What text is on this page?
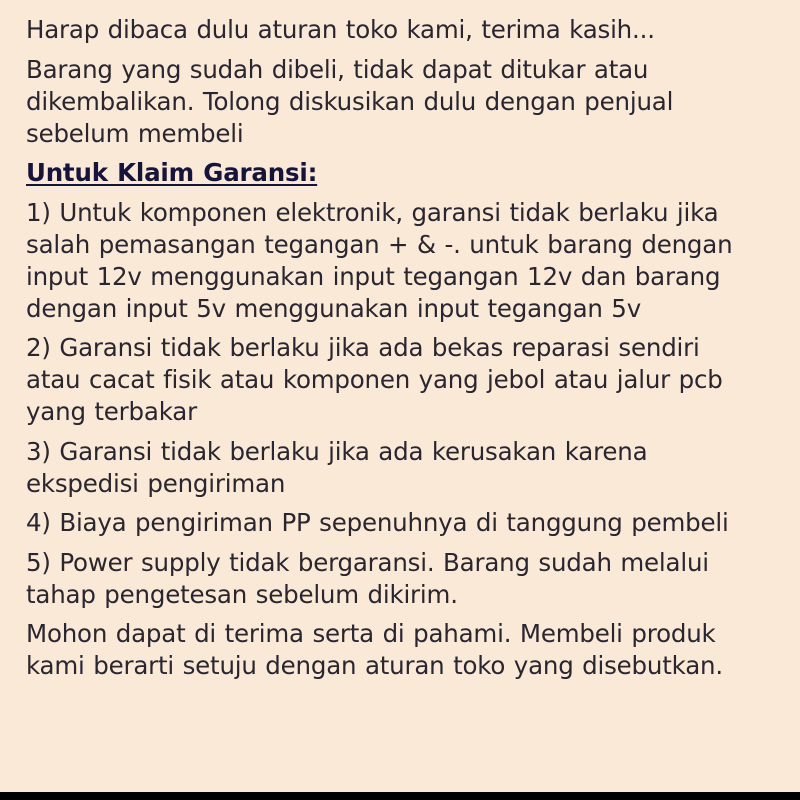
Harap dibaca dulu aturan toko kami, terima kasih...

Barang yang sudah dibeli, tidak dapat ditukar atau
dikembalikan. Tolong diskusikan dulu dengan penjual
sebelum membeli

Untuk Klaim Garansi:

1) Untuk komponen elektronik, garansi tidak berlaku jika
salah pemasangan tegangan + & -. untuk barang dengan
input 12v menggunakan input tegangan 12v dan barang
dengan input 5v menggunakan input tegangan 5v

2) Garansi tidak berlaku jika ada bekas reparasi sendiri
atau cacat fisik atau komponen yang jebol atau jalur pcb
yang terbakar

3) Garansi tidak berlaku jika ada kerusakan karena
ekspedisi pengiriman

4) Biaya pengiriman PP sepenuhnya di tanggung pembeli

5) Power supply tidak bergaransi. Barang sudah melalui
tahap pengetesan sebelum dikirim.

Mohon dapat di terima serta di pahami. Membeli produk
kami berarti setuju dengan aturan toko yang disebutkan.
